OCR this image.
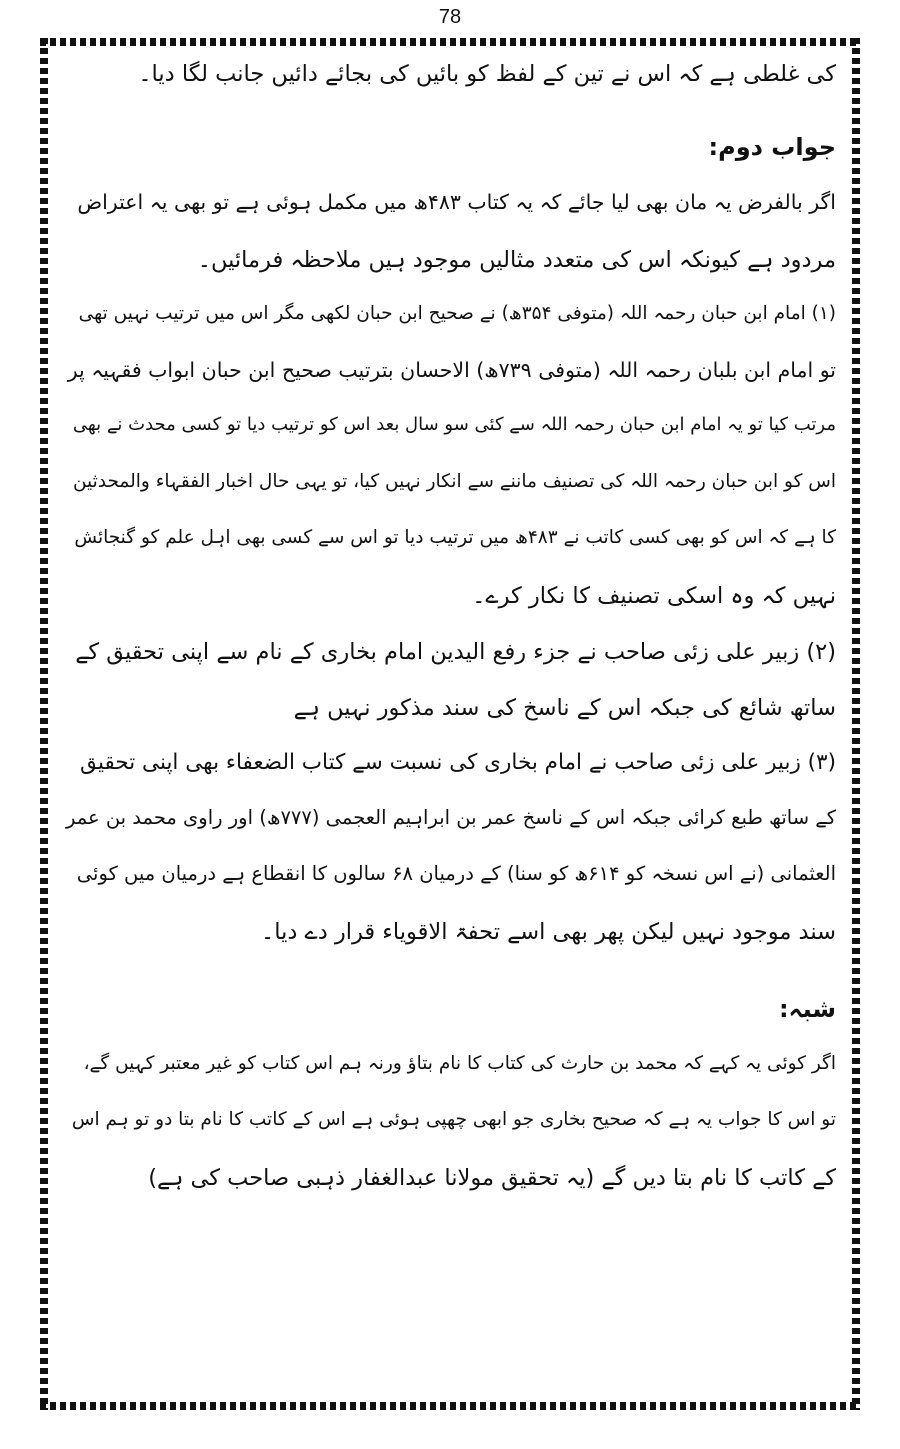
78
کی غلطی ہے کہ اس نے تین کے لفظ کو بائیں کی بجائے دائیں جانب لگا دیا۔
جواب دوم:
اگر بالفرض یہ مان بھی لیا جائے کہ یہ کتاب ۴۸۳ھ میں مکمل ہوئی ہے تو بھی یہ اعتراض
مردود ہے کیونکہ اس کی متعدد مثالیں موجود ہیں ملاحظہ فرمائیں۔
(۱) امام ابن حبان رحمہ اللہ (متوفی ۳۵۴ھ) نے صحیح ابن حبان لکھی مگر اس میں ترتیب نہیں تھی
تو امام ابن بلبان رحمہ اللہ (متوفی ۷۳۹ھ) الاحسان بترتیب صحیح ابن حبان ابواب فقہیہ پر
مرتب کیا تو یہ امام ابن حبان رحمہ اللہ سے کئی سو سال بعد اس کو ترتیب دیا تو کسی محدث نے بھی
اس کو ابن حبان رحمہ اللہ کی تصنیف ماننے سے انکار نہیں کیا، تو یہی حال اخبار الفقہاء والمحدثین
کا ہے کہ اس کو بھی کسی کاتب نے ۴۸۳ھ میں ترتیب دیا تو اس سے کسی بھی اہل علم کو گنجائش
نہیں کہ وہ اسکی تصنیف کا نکار کرے۔
(۲) زبیر علی زئی صاحب نے جزء رفع الیدین امام بخاری کے نام سے اپنی تحقیق کے
ساتھ شائع کی جبکہ اس کے ناسخ کی سند مذکور نہیں ہے
(۳) زبیر علی زئی صاحب نے امام بخاری کی نسبت سے کتاب الضعفاء بھی اپنی تحقیق
کے ساتھ طبع کرائی جبکہ اس کے ناسخ عمر بن ابراہیم العجمی (۷۷۷ھ) اور راوی محمد بن عمر
العثمانی (نے اس نسخہ کو ۶۱۴ھ کو سنا) کے درمیان ۶۸ سالوں کا انقطاع ہے درمیان میں کوئی
سند موجود نہیں لیکن پھر بھی اسے تحفۃ الاقویاء قرار دے دیا۔
شبہ:
اگر کوئی یہ کہے کہ محمد بن حارث کی کتاب کا نام بتاؤ ورنہ ہم اس کتاب کو غیر معتبر کہیں گے،
تو اس کا جواب یہ ہے کہ صحیح بخاری جو ابھی چھپی ہوئی ہے اس کے کاتب کا نام بتا دو تو ہم اس
کے کاتب کا نام بتا دیں گے (یہ تحقیق مولانا عبدالغفار ذہبی صاحب کی ہے)
